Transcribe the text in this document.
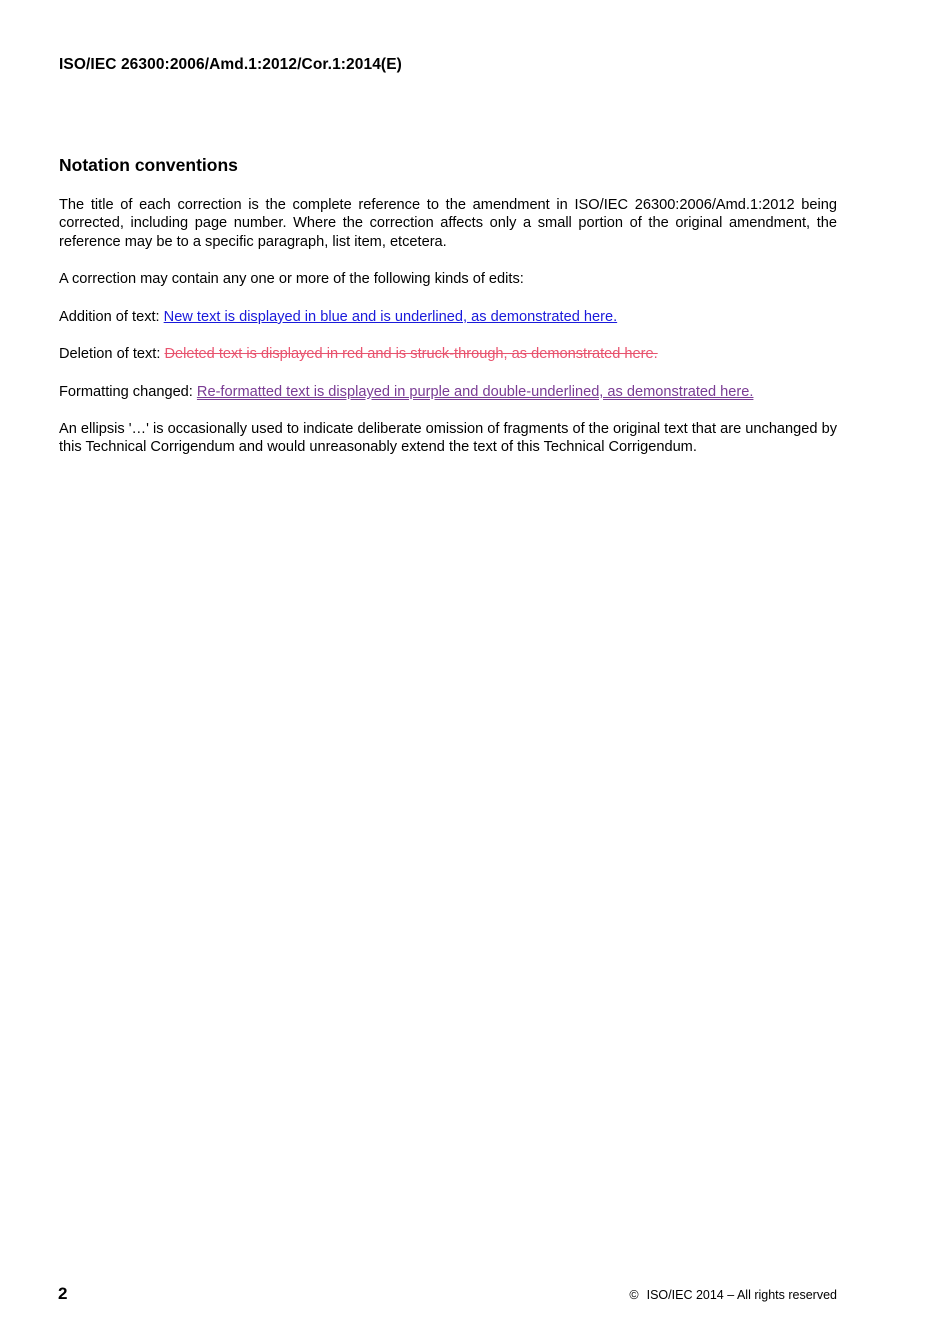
ISO/IEC 26300:2006/Amd.1:2012/Cor.1:2014(E)
Notation conventions
The title of each correction is the complete reference to the amendment in ISO/IEC 26300:2006/Amd.1:2012 being corrected, including page number. Where the correction affects only a small portion of the original amendment, the reference may be to a specific paragraph, list item, etcetera.
A correction may contain any one or more of the following kinds of edits:
Addition of text: New text is displayed in blue and is underlined, as demonstrated here.
Deletion of text: Deleted text is displayed in red and is struck-through, as demonstrated here.
Formatting changed: Re-formatted text is displayed in purple and double-underlined, as demonstrated here.
An ellipsis '…' is occasionally used to indicate deliberate omission of fragments of the original text that are unchanged by this Technical Corrigendum and would unreasonably extend the text of this Technical Corrigendum.
2	© ISO/IEC 2014 – All rights reserved
